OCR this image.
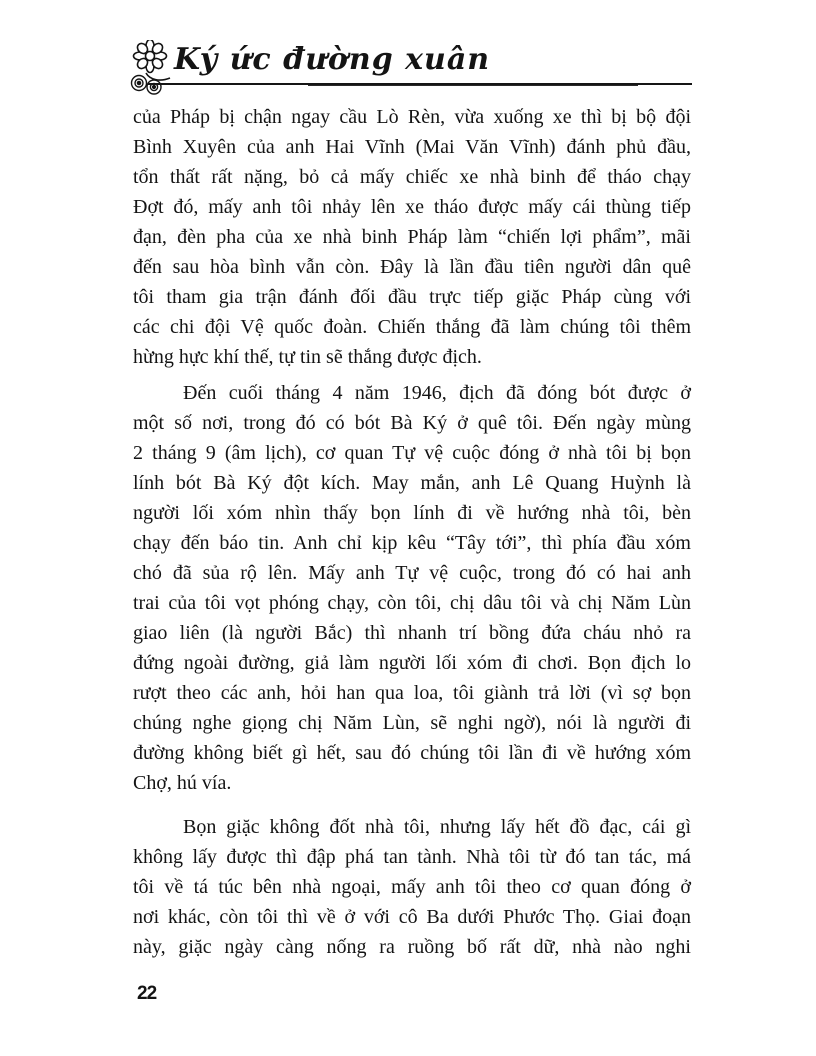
Ký ức đường xuân
của Pháp bị chận ngay cầu Lò Rèn, vừa xuống xe thì bị bộ đội
Bình Xuyên của anh Hai Vĩnh (Mai Văn Vĩnh) đánh phủ đầu,
tổn thất rất nặng, bỏ cả mấy chiếc xe nhà binh để tháo chạy
Đợt đó, mấy anh tôi nhảy lên xe tháo được mấy cái thùng tiếp
đạn, đèn pha của xe nhà binh Pháp làm “chiến lợi phẩm”, mãi
đến sau hòa bình vẫn còn. Đây là lần đầu tiên người dân quê
tôi tham gia trận đánh đối đầu trực tiếp giặc Pháp cùng với
các chi đội Vệ quốc đoàn. Chiến thắng đã làm chúng tôi thêm
hừng hực khí thế, tự tin sẽ thắng được địch.
Đến cuối tháng 4 năm 1946, địch đã đóng bót được ở
một số nơi, trong đó có bót Bà Ký ở quê tôi. Đến ngày mùng
2 tháng 9 (âm lịch), cơ quan Tự vệ cuộc đóng ở nhà tôi bị bọn
lính bót Bà Ký đột kích. May mắn, anh Lê Quang Huỳnh là
người lối xóm nhìn thấy bọn lính đi về hướng nhà tôi, bèn
chạy đến báo tin. Anh chỉ kịp kêu “Tây tới”, thì phía đầu xóm
chó đã sủa rộ lên. Mấy anh Tự vệ cuộc, trong đó có hai anh
trai của tôi vọt phóng chạy, còn tôi, chị dâu tôi và chị Năm Lùn
giao liên (là người Bắc) thì nhanh trí bồng đứa cháu nhỏ ra
đứng ngoài đường, giả làm người lối xóm đi chơi. Bọn địch lo
rượt theo các anh, hỏi han qua loa, tôi giành trả lời (vì sợ bọn
chúng nghe giọng chị Năm Lùn, sẽ nghi ngờ), nói là người đi
đường không biết gì hết, sau đó chúng tôi lần đi về hướng xóm
Chợ, hú vía.
Bọn giặc không đốt nhà tôi, nhưng lấy hết đồ đạc, cái gì
không lấy được thì đập phá tan tành. Nhà tôi từ đó tan tác, má
tôi về tá túc bên nhà ngoại, mấy anh tôi theo cơ quan đóng ở
nơi khác, còn tôi thì về ở với cô Ba dưới Phước Thọ. Giai đoạn
này, giặc ngày càng nống ra ruồng bố rất dữ, nhà nào nghi
22
